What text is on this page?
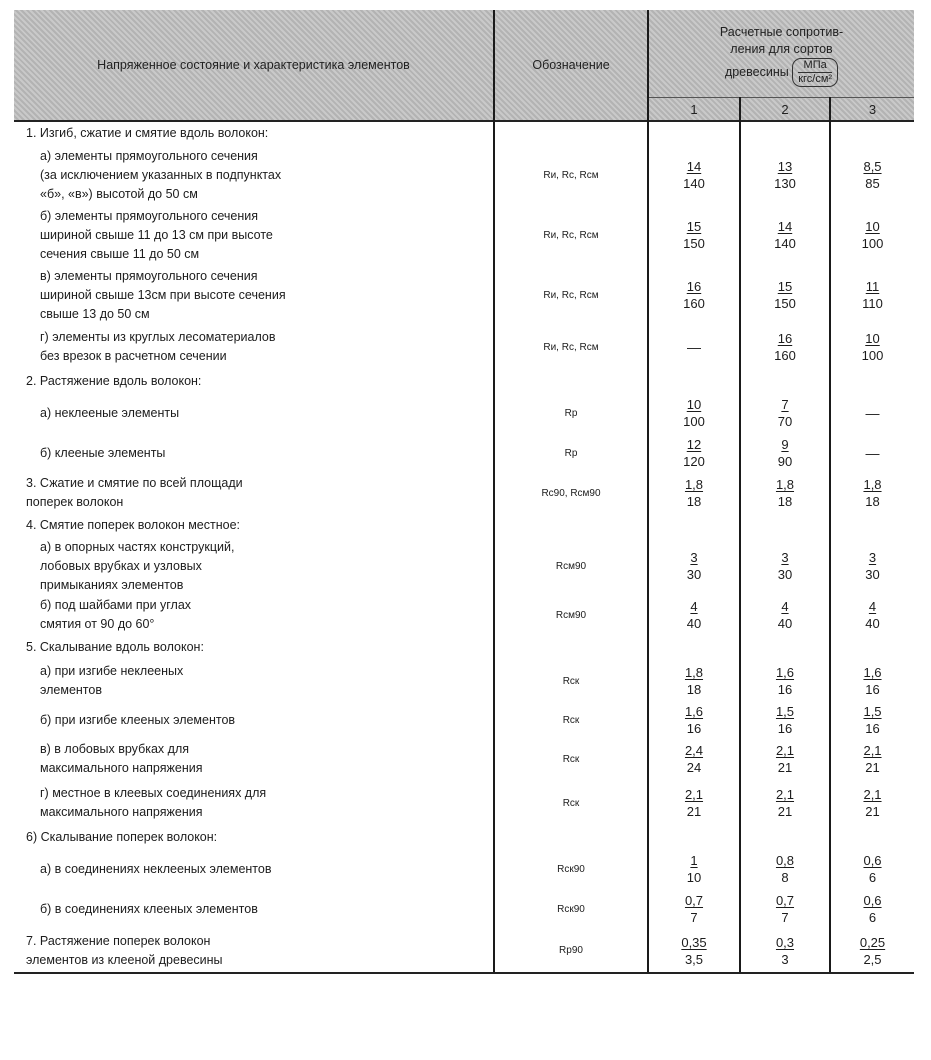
Напряженное состояние и характеристика элементов	Обозначение	Расчетные сопротив-
ления для сортов
древесины МПа
кгс/см²		
		1	2	3

1. Изгиб, сжатие и смятие вдоль волокон:				

а) элементы прямоугольного сечения
(за исключением указанных в подпунктах
«б», «в») высотой до 50 см	Rи, Rc, Rсм	$\frac{14}{140}$	$\frac{13}{130}$	$\frac{8,5}{85}$

б) элементы прямоугольного сечения
шириной свыше 11 до 13 см при высоте
сечения свыше 11 до 50 см	Rи, Rc, Rсм	$\frac{15}{150}$	$\frac{14}{140}$	$\frac{10}{100}$

в) элементы прямоугольного сечения
шириной свыше 13см при высоте сечения
свыше 13 до 50 см	Rи, Rc, Rсм	$\frac{16}{160}$	$\frac{15}{150}$	$\frac{11}{110}$

г) элементы из круглых лесоматериалов
без врезок в расчетном сечении	Rи, Rc, Rсм	—	$\frac{16}{160}$	$\frac{10}{100}$

2. Растяжение вдоль волокон:				

а) неклееные элементы	Rр	$\frac{10}{100}$	$\frac{7}{70}$	—

б) клееные элементы	Rр	$\frac{12}{120}$	$\frac{9}{90}$	—

3. Сжатие и смятие по всей площади
поперек волокон	Rc90, Rсм90	$\frac{1,8}{18}$	$\frac{1,8}{18}$	$\frac{1,8}{18}$

4. Смятие поперек волокон местное:				

а) в опорных частях конструкций,
лобовых врубках и узловых
примыканиях элементов	Rсм90	$\frac{3}{30}$	$\frac{3}{30}$	$\frac{3}{30}$

б) под шайбами при углах
смятия от 90 до 60°	Rсм90	$\frac{4}{40}$	$\frac{4}{40}$	$\frac{4}{40}$

5. Скалывание вдоль волокон:				

а) при изгибе неклееных
элементов	Rск	$\frac{1,8}{18}$	$\frac{1,6}{16}$	$\frac{1,6}{16}$

б) при изгибе клееных элементов	Rск	$\frac{1,6}{16}$	$\frac{1,5}{16}$	$\frac{1,5}{16}$

в) в лобовых врубках для
максимального напряжения	Rск	$\frac{2,4}{24}$	$\frac{2,1}{21}$	$\frac{2,1}{21}$

г) местное в клеевых соединениях для
максимального напряжения	Rск	$\frac{2,1}{21}$	$\frac{2,1}{21}$	$\frac{2,1}{21}$

6) Скалывание поперек волокон:				

а) в соединениях неклееных элементов	Rск90	$\frac{1}{10}$	$\frac{0,8}{8}$	$\frac{0,6}{6}$

б) в соединениях клееных элементов	Rск90	$\frac{0,7}{7}$	$\frac{0,7}{7}$	$\frac{0,6}{6}$

7. Растяжение поперек волокон
элементов из клееной древесины	Rр90	$\frac{0,35}{3,5}$	$\frac{0,3}{3}$	$\frac{0,25}{2,5}$
